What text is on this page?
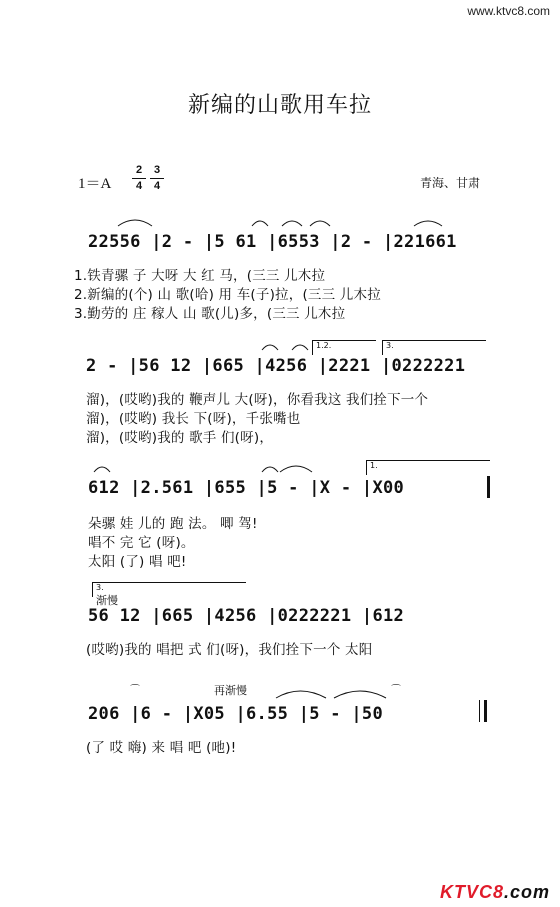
www.ktvc8.com
新编的山歌用车拉
1＝A
2
4
3
4	青海、甘肃
22556 |2 - |5 61 |6553 |2 - |221661
1.铁青骡 子 大呀 大 红 马，(三三 儿木拉
2.新编的(个) 山 歌(哈) 用 车(子)拉，(三三 儿木拉
3.勤劳的 庄 稼人 山 歌(儿)多，(三三 儿木拉
1.2.	3.
2 - |56 12 |665 |4256 |2221 |0222221
溜)，(哎哟)我的 鞭声儿 大(呀)，你看我这 我们拴下一个
溜)，(哎哟) 我长 下(呀)，千张嘴也
溜)，(哎哟)我的 歌手 们(呀)，
1.
612 |2.561 |655 |5 - |X - |X00
朵骡 娃 儿的 跑 法。 唧 驾!
唱不 完 它 (呀)。
太阳 (了) 唱 吧!
3.
渐慢
56 12 |665 |4256 |0222221 |612
(哎哟)我的 唱把 式 们(呀)，我们拴下一个 太阳
再渐慢
206 |6 - |X05 |6.55 |5 - |50
(了 哎 嗨) 来 唱 吧 (吔)!
⌒	⌒
KTVC8.com
